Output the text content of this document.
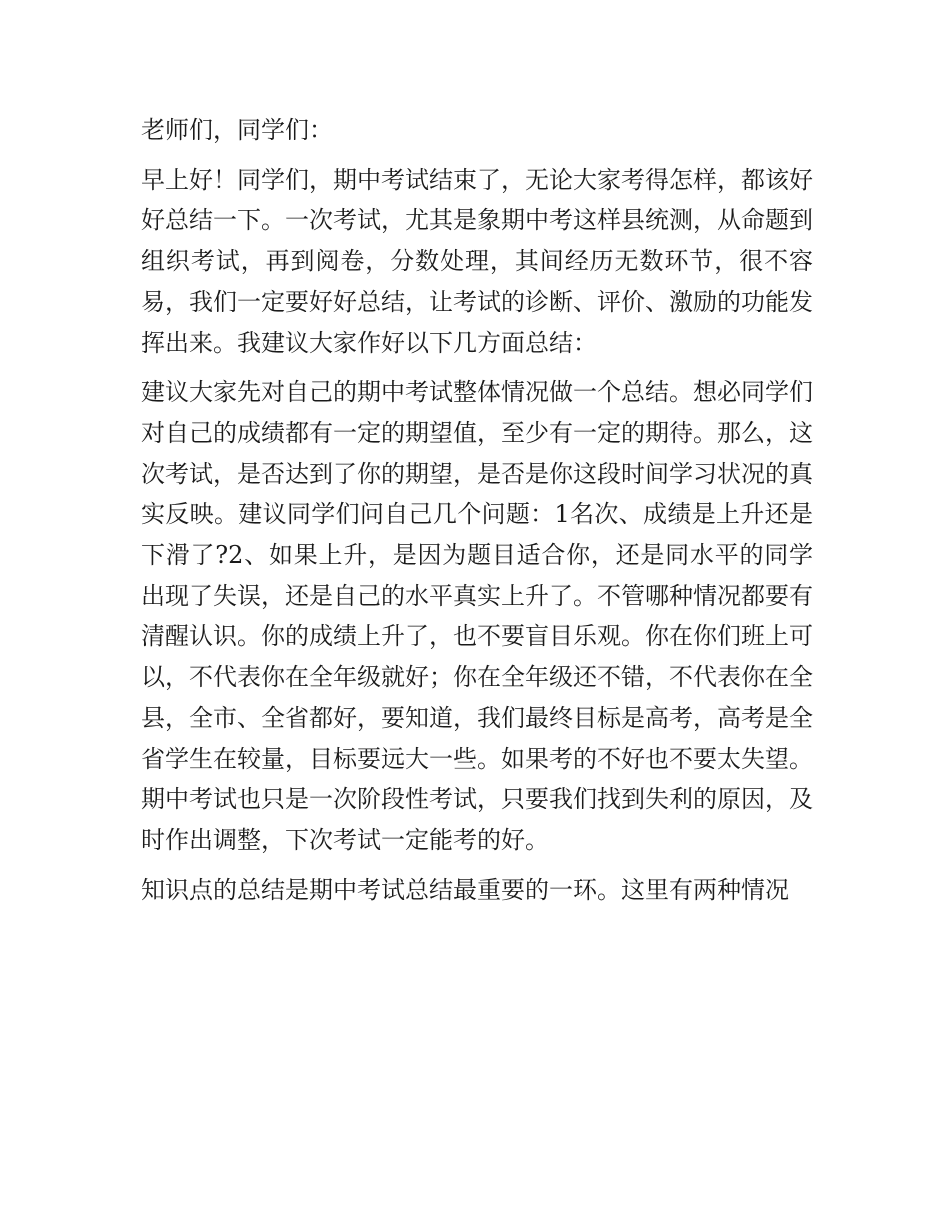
老师们，同学们：

早上好！同学们，期中考试结束了，无论大家考得怎样，都该好好总结一下。一次考试，尤其是象期中考这样县统测，从命题到组织考试，再到阅卷，分数处理，其间经历无数环节，很不容易，我们一定要好好总结，让考试的诊断、评价、激励的功能发挥出来。我建议大家作好以下几方面总结：

建议大家先对自己的期中考试整体情况做一个总结。想必同学们对自己的成绩都有一定的期望值，至少有一定的期待。那么，这次考试，是否达到了你的期望，是否是你这段时间学习状况的真实反映。建议同学们问自己几个问题：1名次、成绩是上升还是下滑了?2、如果上升，是因为题目适合你，还是同水平的同学出现了失误，还是自己的水平真实上升了。不管哪种情况都要有清醒认识。你的成绩上升了，也不要盲目乐观。你在你们班上可以，不代表你在全年级就好；你在全年级还不错，不代表你在全县，全市、全省都好，要知道，我们最终目标是高考，高考是全省学生在较量，目标要远大一些。如果考的不好也不要太失望。期中考试也只是一次阶段性考试，只要我们找到失利的原因，及时作出调整，下次考试一定能考的好。

知识点的总结是期中考试总结最重要的一环。这里有两种情况
